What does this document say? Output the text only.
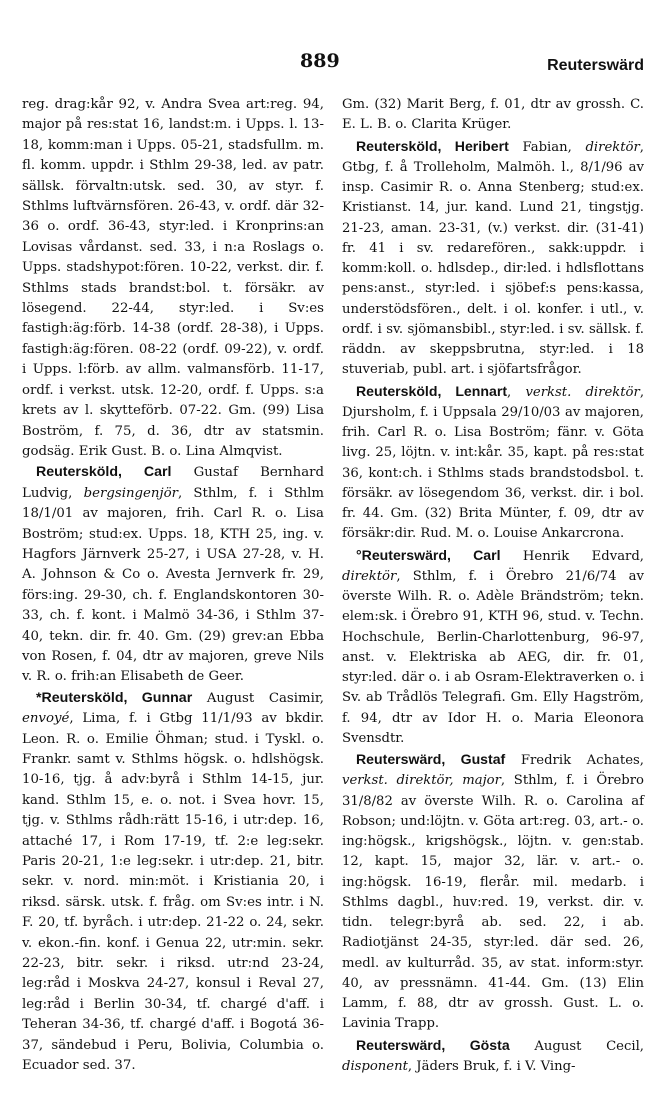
889	Reuterswärd

reg. drag:kår 92, v. Andra Svea art:reg. 94, major på res:stat 16, landst:m. i Upps. l. 13-18, komm:man i Upps. 05-21, stadsfullm. m. fl. komm. uppdr. i Sthlm 29-38, led. av patr. sällsk. förvaltn:utsk. sed. 30, av styr. f. Sthlms luftvärnsfören. 26-43, v. ordf. där 32-36 o. ordf. 36-43, styr:led. i Kronprins:an Lovisas vårdanst. sed. 33, i n:a Roslags o. Upps. stadshypot:fören. 10-22, verkst. dir. f. Sthlms stads brandst:bol. t. försäkr. av lösegend. 22-44, styr:led. i Sv:es fastigh:äg:förb. 14-38 (ordf. 28-38), i Upps. fastigh:äg:fören. 08-22 (ordf. 09-22), v. ordf. i Upps. l:förb. av allm. valmansförb. 11-17, ordf. i verkst. utsk. 12-20, ordf. f. Upps. s:a krets av l. skytteförb. 07-22. Gm. (99) Lisa Boström, f. 75, d. 36, dtr av statsmin. godsäg. Erik Gust. B. o. Lina Almqvist.

Reutersköld, Carl Gustaf Bernhard Ludvig, bergsingenjör, Sthlm, f. i Sthlm 18/1/01 av majoren, frih. Carl R. o. Lisa Boström; stud:ex. Upps. 18, KTH 25, ing. v. Hagfors Järnverk 25-27, i USA 27-28, v. H. A. Johnson & Co o. Avesta Jernverk fr. 29, förs:ing. 29-30, ch. f. Englandskontoren 30-33, ch. f. kont. i Malmö 34-36, i Sthlm 37-40, tekn. dir. fr. 40. Gm. (29) grev:an Ebba von Rosen, f. 04, dtr av majoren, greve Nils v. R. o. frih:an Elisabeth de Geer.

*Reutersköld, Gunnar August Casimir, envoyé, Lima, f. i Gtbg 11/1/93 av bkdir. Leon. R. o. Emilie Öhman; stud. i Tyskl. o. Frankr. samt v. Sthlms högsk. o. hdlshögsk. 10-16, tjg. å adv:byrå i Sthlm 14-15, jur. kand. Sthlm 15, e. o. not. i Svea hovr. 15, tjg. v. Sthlms rådh:rätt 15-16, i utr:dep. 16, attaché 17, i Rom 17-19, tf. 2:e leg:sekr. Paris 20-21, 1:e leg:sekr. i utr:dep. 21, bitr. sekr. v. nord. min:möt. i Kristiania 20, i riksd. särsk. utsk. f. fråg. om Sv:es intr. i N. F. 20, tf. byråch. i utr:dep. 21-22 o. 24, sekr. v. ekon.-fin. konf. i Genua 22, utr:min. sekr. 22-23, bitr. sekr. i riksd. utr:nd 23-24, leg:råd i Moskva 24-27, konsul i Reval 27, leg:råd i Berlin 30-34, tf. chargé d'aff. i Teheran 34-36, tf. chargé d'aff. i Bogotá 36-37, sändebud i Peru, Bolivia, Columbia o. Ecuador sed. 37.

Gm. (32) Marit Berg, f. 01, dtr av grossh. C. E. L. B. o. Clarita Krüger.

Reutersköld, Heribert Fabian, direktör, Gtbg, f. å Trolleholm, Malmöh. l., 8/1/96 av insp. Casimir R. o. Anna Stenberg; stud:ex. Kristianst. 14, jur. kand. Lund 21, tingstjg. 21-23, aman. 23-31, (v.) verkst. dir. (31-41) fr. 41 i sv. redarefören., sakk:uppdr. i komm:koll. o. hdlsdep., dir:led. i hdlsflottans pens:anst., styr:led. i sjöbef:s pens:kassa, understödsfören., delt. i ol. konfer. i utl., v. ordf. i sv. sjömansbibl., styr:led. i sv. sällsk. f. räddn. av skeppsbrutna, styr:led. i 18 stuveriab, publ. art. i sjöfartsfrågor.

Reutersköld, Lennart, verkst. direktör, Djursholm, f. i Uppsala 29/10/03 av majoren, frih. Carl R. o. Lisa Boström; fänr. v. Göta livg. 25, löjtn. v. int:kår. 35, kapt. på res:stat 36, kont:ch. i Sthlms stads brandstodsbol. t. försäkr. av lösegendom 36, verkst. dir. i bol. fr. 44. Gm. (32) Brita Münter, f. 09, dtr av försäkr:dir. Rud. M. o. Louise Ankarcrona.

°Reuterswärd, Carl Henrik Edvard, direktör, Sthlm, f. i Örebro 21/6/74 av överste Wilh. R. o. Adèle Brändström; tekn. elem:sk. i Örebro 91, KTH 96, stud. v. Techn. Hochschule, Berlin-Charlottenburg, 96-97, anst. v. Elektriska ab AEG, dir. fr. 01, styr:led. där o. i ab Osram-Elektraverken o. i Sv. ab Trådlös Telegrafi. Gm. Elly Hagström, f. 94, dtr av Idor H. o. Maria Eleonora Svensdtr.

Reuterswärd, Gustaf Fredrik Achates, verkst. direktör, major, Sthlm, f. i Örebro 31/8/82 av överste Wilh. R. o. Carolina af Robson; und:löjtn. v. Göta art:reg. 03, art.- o. ing:högsk., krigshögsk., löjtn. v. gen:stab. 12, kapt. 15, major 32, lär. v. art.- o. ing:högsk. 16-19, flerår. mil. medarb. i Sthlms dagbl., huv:red. 19, verkst. dir. v. tidn. telegr:byrå ab. sed. 22, i ab. Radiotjänst 24-35, styr:led. där sed. 26, medl. av kulturråd. 35, av stat. inform:styr. 40, av pressnämn. 41-44. Gm. (13) Elin Lamm, f. 88, dtr av grossh. Gust. L. o. Lavinia Trapp.

Reuterswärd, Gösta August Cecil, disponent, Jäders Bruk, f. i V. Ving-
